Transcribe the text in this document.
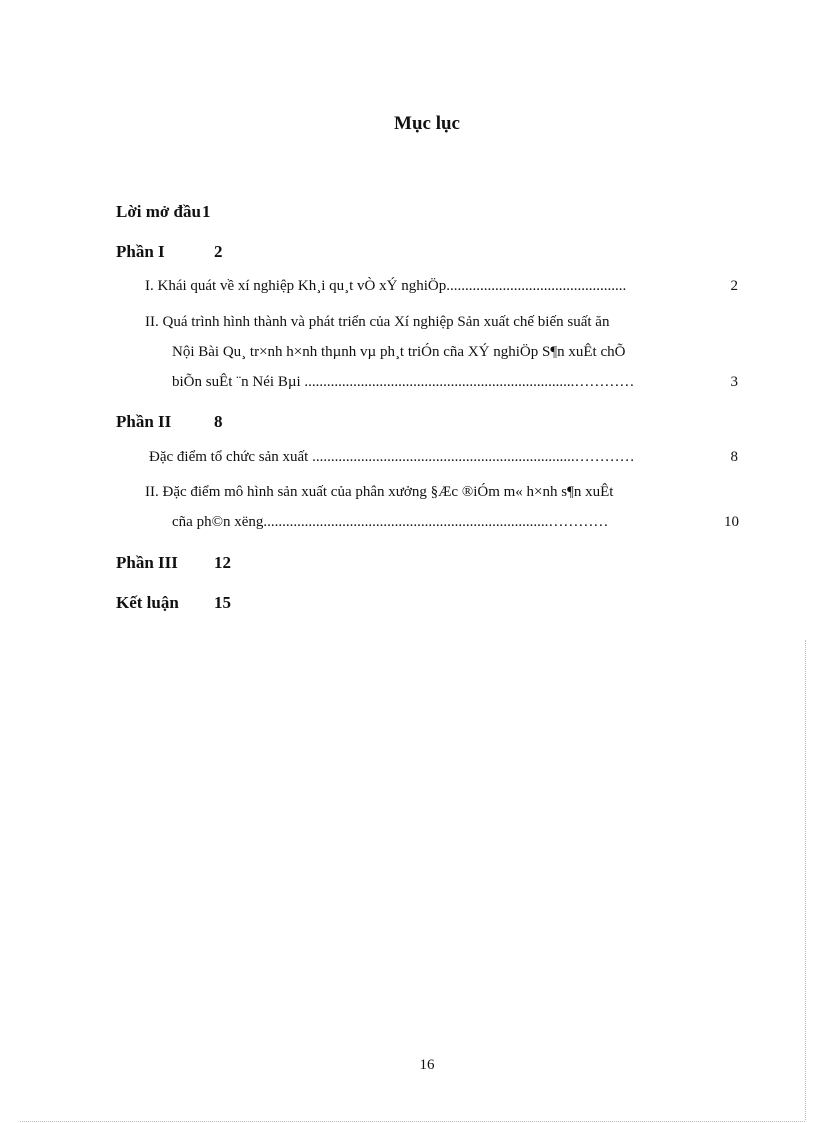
Mục lục
Lời mở đầu 1
Phần I	2
I. Khái quát về xí nghiệp Kh¸i qu¸t vÒ xÝ nghiÖp................................................	2
II. Quá trình hình thành và phát triển của Xí nghiệp Sản xuất chế biến suất ăn
Nội Bài Qu¸ tr×nh h×nh thµnh vµ ph¸t triÓn cña XÝ nghiÖp S¶n xuÊt chÕ
biÕn suÊt ¨n Néi Bµi ........................................................................…………	3
Phần II	8
Đặc điểm tổ chức sản xuất ......................................................................…………	8
II. Đặc điểm mô hình sản xuất của phân xưởng §Æc ®iÓm m« h×nh s¶n xuÊt
cña ph©n xëng............................................................................…………	10
Phần III 12
Kết luận 15
16
